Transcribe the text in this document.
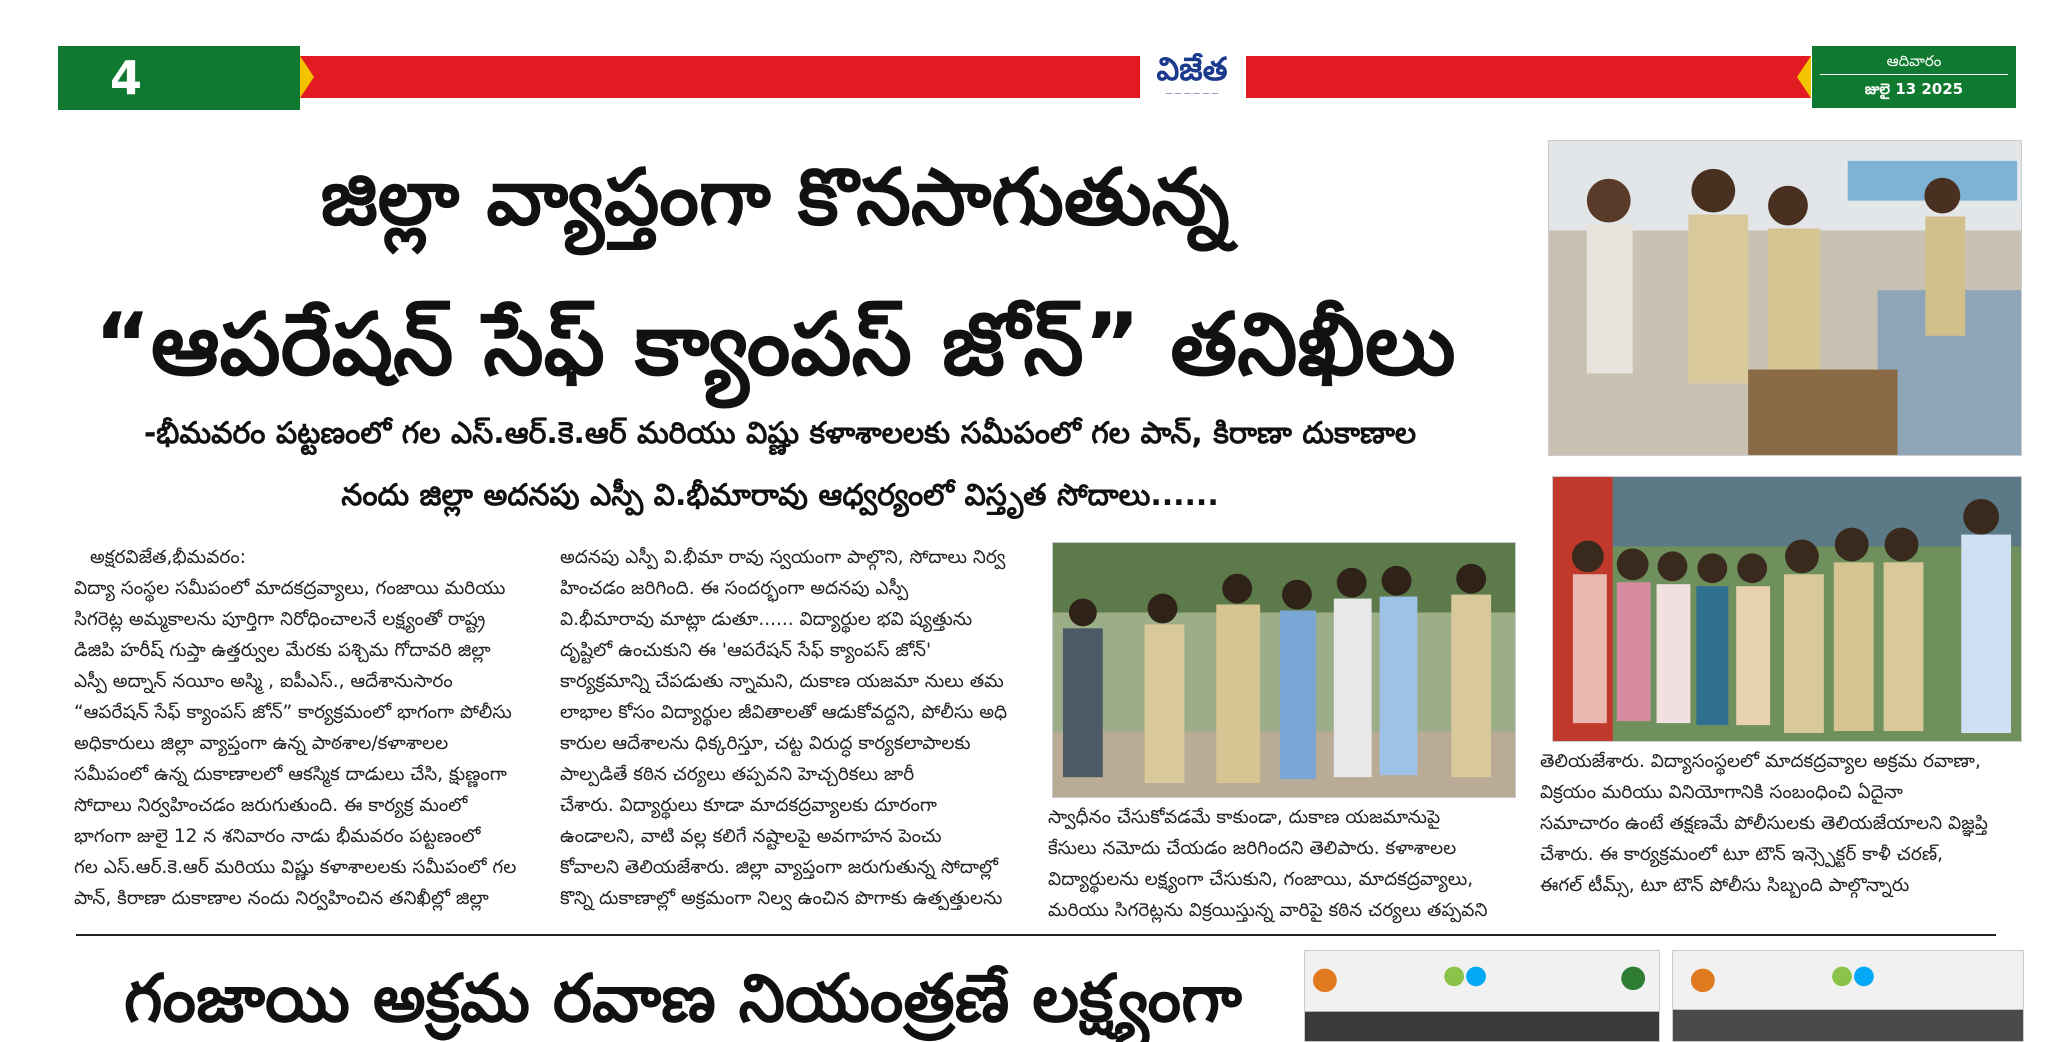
4	విజేత
— — — — — —
ఆదివారం
జులై 13 2025
జిల్లా వ్యాప్తంగా కొనసాగుతున్న
“ఆపరేషన్ సేఫ్ క్యాంపస్ జోన్” తనిఖీలు
-భీమవరం పట్టణంలో గల ఎస్.ఆర్.కె.ఆర్ మరియు విష్ణు కళాశాలలకు సమీపంలో గల పాన్, కిరాణా దుకాణాల
నందు జిల్లా అదనపు ఎస్పీ వి.భీమారావు ఆధ్వర్యంలో విస్తృత సోదాలు......

అక్షరవిజేత,భీమవరం:

విద్యా సంస్థల సమీపంలో మాదకద్రవ్యాలు, గంజాయి మరియు

సిగరెట్ల అమ్మకాలను పూర్తిగా నిరోధించాలనే లక్ష్యంతో రాష్ట్ర

డిజిపి హరీష్ గుప్తా ఉత్తర్వుల మేరకు పశ్చిమ గోదావరి జిల్లా

ఎస్పీ అద్నాన్ నయీం అస్మి , ఐపీఎస్., ఆదేశానుసారం

“ఆపరేషన్ సేఫ్ క్యాంపస్ జోన్” కార్యక్రమంలో భాగంగా పోలీసు

అధికారులు జిల్లా వ్యాప్తంగా ఉన్న పాఠశాల/కళాశాలల

సమీపంలో ఉన్న దుకాణాలలో ఆకస్మిక దాడులు చేసి, క్షుణ్ణంగా

సోదాలు నిర్వహించడం జరుగుతుంది. ఈ కార్యక్ర మంలో

భాగంగా జులై 12 న శనివారం నాడు భీమవరం పట్టణంలో

గల ఎస్.ఆర్.కె.ఆర్ మరియు విష్ణు కళాశాలలకు సమీపంలో గల

పాన్, కిరాణా దుకాణాల నందు నిర్వహించిన తనిఖీల్లో జిల్లా

అదనపు ఎస్పీ వి.భీమా రావు స్వయంగా పాల్గొని, సోదాలు నిర్వ

హించడం జరిగింది. ఈ సందర్భంగా అదనపు ఎస్పీ

వి.భీమారావు మాట్లా డుతూ...... విద్యార్థుల భవి ష్యత్తును

దృష్టిలో ఉంచుకుని ఈ 'ఆపరేషన్ సేఫ్ క్యాంపస్ జోన్'

కార్యక్రమాన్ని చేపడుతు న్నామని, దుకాణ యజమా నులు తమ

లాభాల కోసం విద్యార్థుల జీవితాలతో ఆడుకోవద్దని, పోలీసు అధి

కారుల ఆదేశాలను ధిక్కరిస్తూ, చట్ట విరుద్ధ కార్యకలాపాలకు

పాల్పడితే కఠిన చర్యలు తప్పవని హెచ్చరికలు జారీ

చేశారు. విద్యార్థులు కూడా మాదకద్రవ్యాలకు దూరంగా

ఉండాలని, వాటి వల్ల కలిగే నష్టాలపై అవగాహన పెంచు

కోవాలని తెలియజేశారు. జిల్లా వ్యాప్తంగా జరుగుతున్న సోదాల్లో

కొన్ని దుకాణాల్లో అక్రమంగా నిల్వ ఉంచిన పొగాకు ఉత్పత్తులను

స్వాధీనం చేసుకోవడమే కాకుండా, దుకాణ యజమానుపై

కేసులు నమోదు చేయడం జరిగిందని తెలిపారు. కళాశాలల

విద్యార్థులను లక్ష్యంగా చేసుకుని, గంజాయి, మాదకద్రవ్యాలు,

మరియు సిగరెట్లను విక్రయిస్తున్న వారిపై కఠిన చర్యలు తప్పవని

తెలియజేశారు. విద్యాసంస్థలలో మాదకద్రవ్యాల అక్రమ రవాణా,

విక్రయం మరియు వినియోగానికి సంబంధించి ఏదైనా

సమాచారం ఉంటే తక్షణమే పోలీసులకు తెలియజేయాలని విజ్ఞప్తి

చేశారు. ఈ కార్యక్రమంలో టూ టౌన్ ఇన్స్పెక్టర్ కాళీ చరణ్,

ఈగల్ టీమ్స్, టూ టౌన్ పోలీసు సిబ్బంది పాల్గొన్నారు

గంజాయి అక్రమ రవాణ నియంత్రణే లక్ష్యంగా
